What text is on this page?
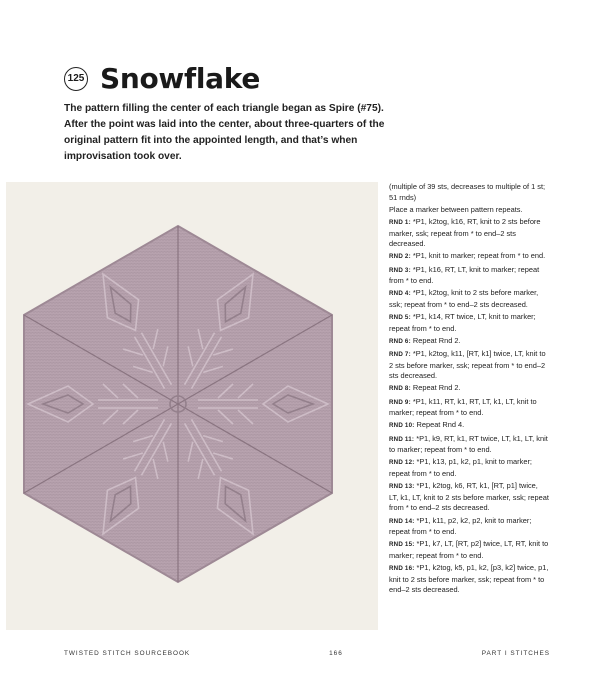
125 Snowflake
The pattern filling the center of each triangle began as Spire (#75). After the point was laid into the center, about three-quarters of the original pattern fit into the appointed length, and that’s when improvisation took over.

(multiple of 39 sts, decreases to multiple of 1 st; 51 rnds)

Place a marker between pattern repeats.

RND 1: *P1, k2tog, k16, RT, knit to 2 sts before marker, ssk; repeat from * to end–2 sts decreased.

RND 2: *P1, knit to marker; repeat from * to end.

RND 3: *P1, k16, RT, LT, knit to marker; repeat from * to end.

RND 4: *P1, k2tog, knit to 2 sts before marker, ssk; repeat from * to end–2 sts decreased.

RND 5: *P1, k14, RT twice, LT, knit to marker; repeat from * to end.

RND 6: Repeat Rnd 2.

RND 7: *P1, k2tog, k11, [RT, k1] twice, LT, knit to 2 sts before marker, ssk; repeat from * to end–2 sts decreased.

RND 8: Repeat Rnd 2.

RND 9: *P1, k11, RT, k1, RT, LT, k1, LT, knit to marker; repeat from * to end.

RND 10: Repeat Rnd 4.

RND 11: *P1, k9, RT, k1, RT twice, LT, k1, LT, knit to marker; repeat from * to end.

RND 12: *P1, k13, p1, k2, p1, knit to marker; repeat from * to end.

RND 13: *P1, k2tog, k6, RT, k1, [RT, p1] twice, LT, k1, LT, knit to 2 sts before marker, ssk; repeat from * to end–2 sts decreased.

RND 14: *P1, k11, p2, k2, p2, knit to marker; repeat from * to end.

RND 15: *P1, k7, LT, [RT, p2] twice, LT, RT, knit to marker; repeat from * to end.

RND 16: *P1, k2tog, k5, p1, k2, [p3, k2] twice, p1, knit to 2 sts before marker, ssk; repeat from * to end–2 sts decreased.

TWISTED STITCH SOURCEBOOK	166	PART I STITCHES
